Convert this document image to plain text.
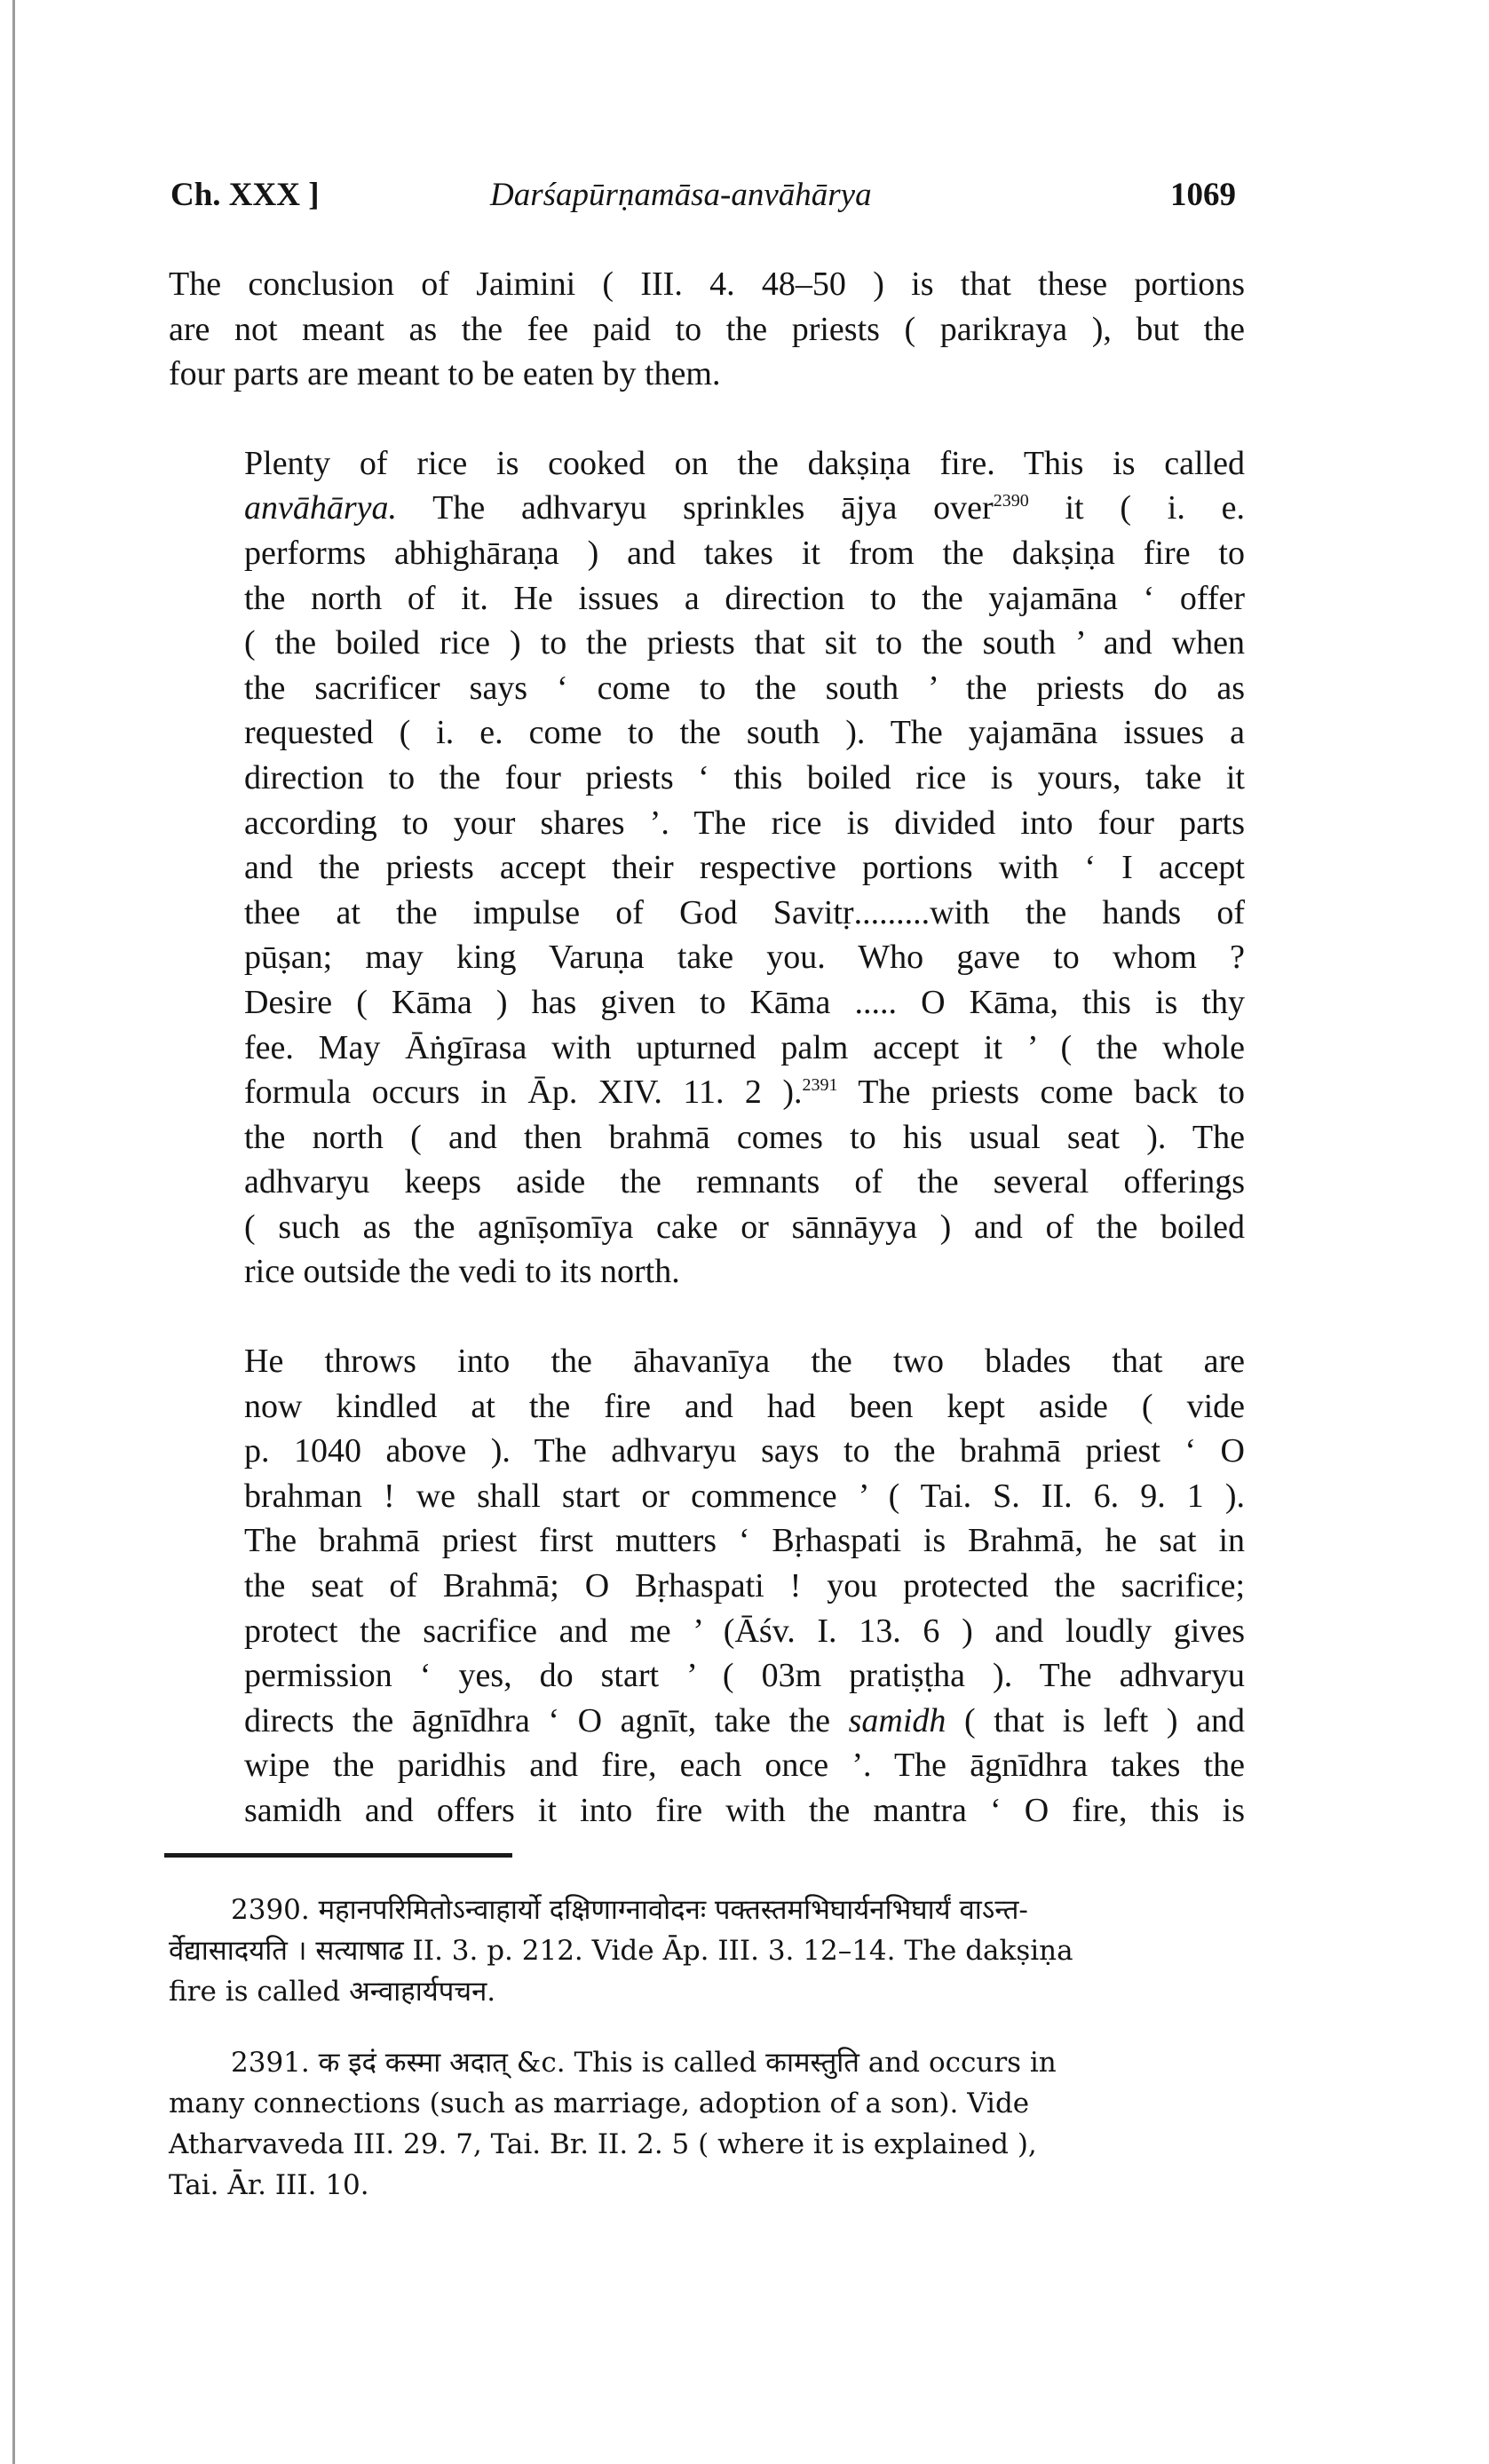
Ch. XXX ]	Darśapūrṇamāsa-anvāhārya	1069

The conclusion of Jaimini ( III. 4. 48–50 ) is that these portions
are not meant as the fee paid to the priests ( parikraya ), but the
four parts are meant to be eaten by them.

Plenty of rice is cooked on the dakṣiṇa fire. This is called
anvāhārya. The adhvaryu sprinkles ājya over$^{2390}$ it ( i. e.
performs abhighāraṇa ) and takes it from the dakṣiṇa fire to
the north of it. He issues a direction to the yajamāna ‘ offer
( the boiled rice ) to the priests that sit to the south ’ and when
the sacrificer says ‘ come to the south ’ the priests do as
requested ( i. e. come to the south ). The yajamāna issues a
direction to the four priests ‘ this boiled rice is yours, take it
according to your shares ’. The rice is divided into four parts
and the priests accept their respective portions with ‘ I accept
thee at the impulse of God Savitṛ.........with the hands of
pūṣan; may king Varuṇa take you. Who gave to whom ?
Desire ( Kāma ) has given to Kāma ..... O Kāma, this is thy
fee. May Āṅgīrasa with upturned palm accept it ’ ( the whole
formula occurs in Āp. XIV. 11. 2 ).$^{2391}$ The priests come back to
the north ( and then brahmā comes to his usual seat ). The
adhvaryu keeps aside the remnants of the several offerings
( such as the agnīṣomīya cake or sānnāyya ) and of the boiled
rice outside the vedi to its north.

He throws into the āhavanīya the two blades that are
now kindled at the fire and had been kept aside ( vide
p. 1040 above ). The adhvaryu says to the brahmā priest ‘ O
brahman ! we shall start or commence ’ ( Tai. S. II. 6. 9. 1 ).
The brahmā priest first mutters ‘ Bṛhaspati is Brahmā, he sat in
the seat of Brahmā; O Bṛhaspati ! you protected the sacrifice;
protect the sacrifice and me ’ (Āśv. I. 13. 6 ) and loudly gives
permission ‘ yes, do start ’ ( 03m pratiṣṭha ). The adhvaryu
directs the āgnīdhra ‘ O agnīt, take the samidh ( that is left ) and
wipe the paridhis and fire, each once ’. The āgnīdhra takes the
samidh and offers it into fire with the mantra ‘ O fire, this is

2390. महानपरिमितोऽन्वाहार्यो दक्षिणाग्नावोदनः पक्तस्तमभिघार्यनभिघार्यं वाऽन्त-
र्वेद्यासादयति । सत्याषाढ II. 3. p. 212. Vide Āp. III. 3. 12–14. The dakṣiṇa
fire is called अन्वाहार्यपचन.

2391. क इदं कस्मा अदात् &c. This is called कामस्तुति and occurs in
many connections (such as marriage, adoption of a son). Vide
Atharvaveda III. 29. 7, Tai. Br. II. 2. 5 ( where it is explained ),
Tai. Ār. III. 10.
